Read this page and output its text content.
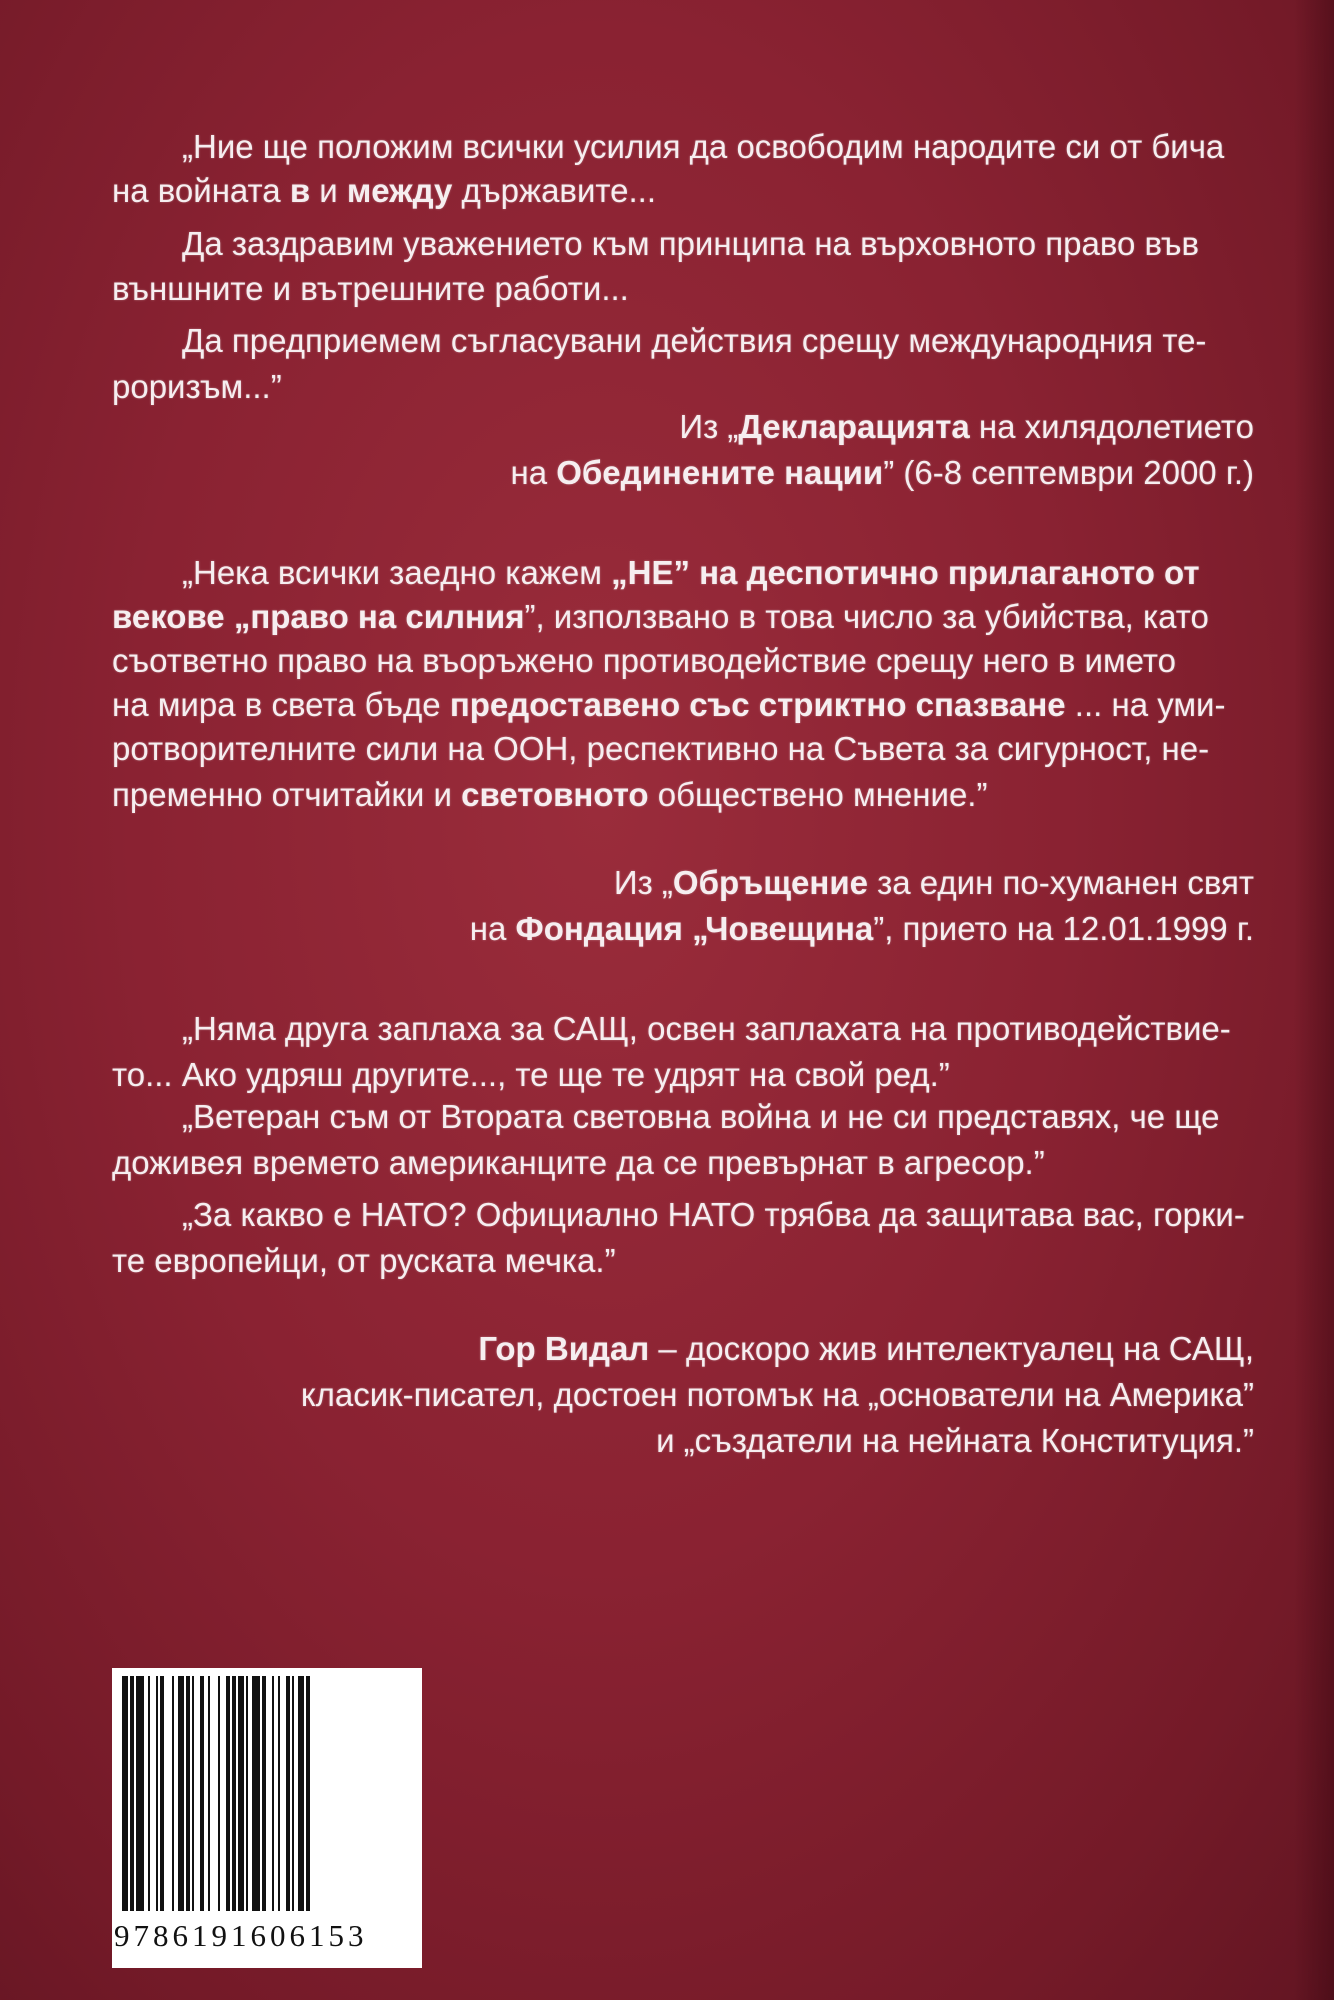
„Ние ще положим всички усилия да освободим народите си от бича
на войната в и между държавите...
Да заздравим уважението към принципа на върховното право във
външните и вътрешните работи...
Да предприемем съгласувани действия срещу международния те-
роризъм...”
Из „Декларацията на хилядолетието
на Обединените нации” (6-8 септември 2000 г.)
„Нека всички заедно кажем „НЕ” на деспотично прилаганото от
векове „право на силния”, използвано в това число за убийства, като
съответно право на въоръжено противодействие срещу него в името
на мира в света бъде предоставено със стриктно спазване ... на уми-
ротворителните сили на ООН, респективно на Съвета за сигурност, не-
пременно отчитайки и световното обществено мнение.”
Из „Обръщение за един по-хуманен свят
на Фондация „Човещина”, прието на 12.01.1999 г.
„Няма друга заплаха за САЩ, освен заплахата на противодействие-
то... Ако удряш другите..., те ще те удрят на свой ред.”
„Ветеран съм от Втората световна война и не си представях, че ще
доживея времето американците да се превърнат в агресор.”
„За какво е НАТО? Официално НАТО трябва да защитава вас, горки-
те европейци, от руската мечка.”
Гор Видал – доскоро жив интелектуалец на САЩ,
класик-писател, достоен потомък на „основатели на Америка”
и „създатели на нейната Конституция.”
9786191606153
